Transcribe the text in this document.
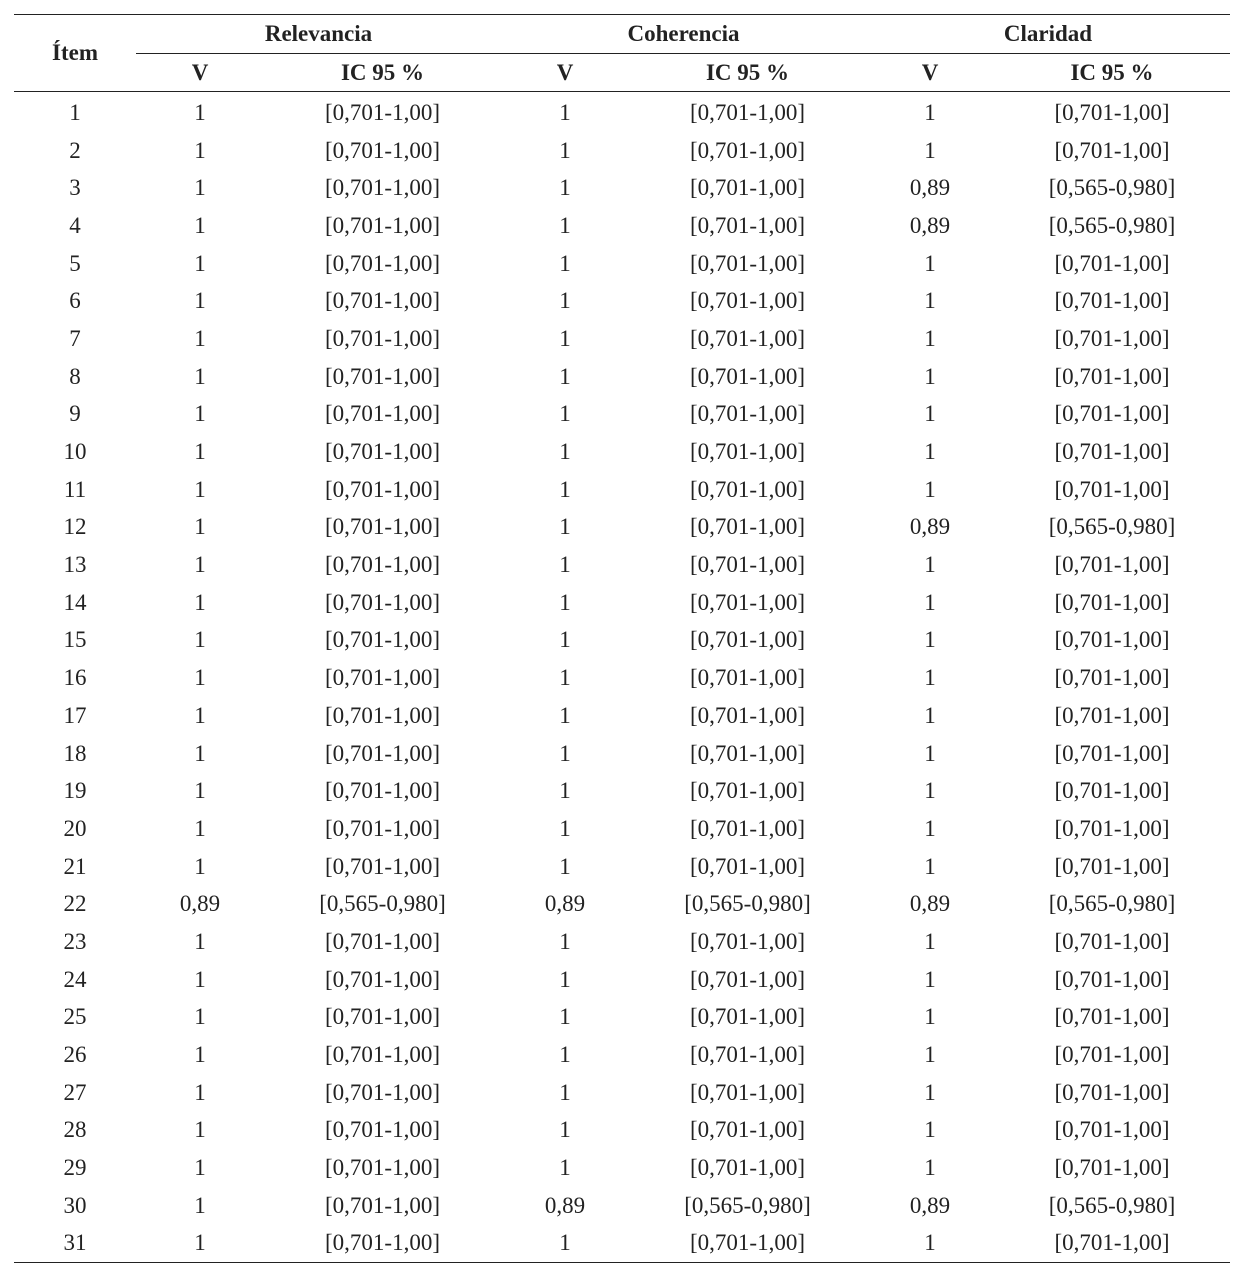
Ítem	Relevancia		Coherencia		Claridad	
	V	IC 95 %	V	IC 95 %	V	IC 95 %
1	1	[0,701-1,00]	1	[0,701-1,00]	1	[0,701-1,00]
2	1	[0,701-1,00]	1	[0,701-1,00]	1	[0,701-1,00]
3	1	[0,701-1,00]	1	[0,701-1,00]	0,89	[0,565-0,980]
4	1	[0,701-1,00]	1	[0,701-1,00]	0,89	[0,565-0,980]
5	1	[0,701-1,00]	1	[0,701-1,00]	1	[0,701-1,00]
6	1	[0,701-1,00]	1	[0,701-1,00]	1	[0,701-1,00]
7	1	[0,701-1,00]	1	[0,701-1,00]	1	[0,701-1,00]
8	1	[0,701-1,00]	1	[0,701-1,00]	1	[0,701-1,00]
9	1	[0,701-1,00]	1	[0,701-1,00]	1	[0,701-1,00]
10	1	[0,701-1,00]	1	[0,701-1,00]	1	[0,701-1,00]
11	1	[0,701-1,00]	1	[0,701-1,00]	1	[0,701-1,00]
12	1	[0,701-1,00]	1	[0,701-1,00]	0,89	[0,565-0,980]
13	1	[0,701-1,00]	1	[0,701-1,00]	1	[0,701-1,00]
14	1	[0,701-1,00]	1	[0,701-1,00]	1	[0,701-1,00]
15	1	[0,701-1,00]	1	[0,701-1,00]	1	[0,701-1,00]
16	1	[0,701-1,00]	1	[0,701-1,00]	1	[0,701-1,00]
17	1	[0,701-1,00]	1	[0,701-1,00]	1	[0,701-1,00]
18	1	[0,701-1,00]	1	[0,701-1,00]	1	[0,701-1,00]
19	1	[0,701-1,00]	1	[0,701-1,00]	1	[0,701-1,00]
20	1	[0,701-1,00]	1	[0,701-1,00]	1	[0,701-1,00]
21	1	[0,701-1,00]	1	[0,701-1,00]	1	[0,701-1,00]
22	0,89	[0,565-0,980]	0,89	[0,565-0,980]	0,89	[0,565-0,980]
23	1	[0,701-1,00]	1	[0,701-1,00]	1	[0,701-1,00]
24	1	[0,701-1,00]	1	[0,701-1,00]	1	[0,701-1,00]
25	1	[0,701-1,00]	1	[0,701-1,00]	1	[0,701-1,00]
26	1	[0,701-1,00]	1	[0,701-1,00]	1	[0,701-1,00]
27	1	[0,701-1,00]	1	[0,701-1,00]	1	[0,701-1,00]
28	1	[0,701-1,00]	1	[0,701-1,00]	1	[0,701-1,00]
29	1	[0,701-1,00]	1	[0,701-1,00]	1	[0,701-1,00]
30	1	[0,701-1,00]	0,89	[0,565-0,980]	0,89	[0,565-0,980]
31	1	[0,701-1,00]	1	[0,701-1,00]	1	[0,701-1,00]
